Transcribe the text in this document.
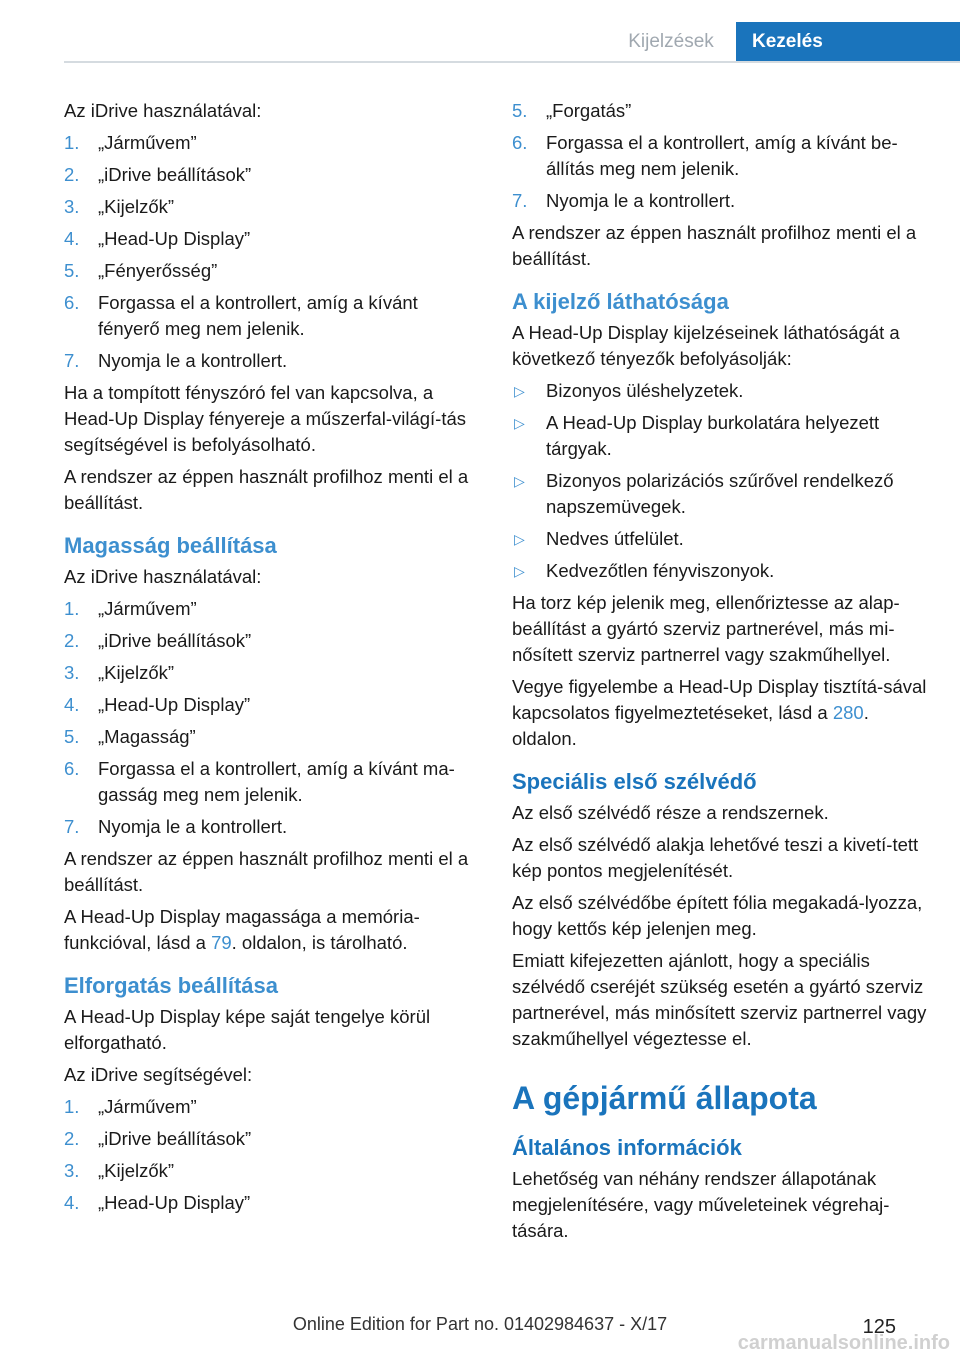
Kijelzések	Kezelés

Az iDrive használatával:

1. „Járművem”
2. „iDrive beállítások”
3. „Kijelzők”
4. „Head-Up Display”
5. „Fényerősség”
6. Forgassa el a kontrollert, amíg a kívánt fényerő meg nem jelenik.
7. Nyomja le a kontrollert.

Ha a tompított fényszóró fel van kapcsolva, a Head-Up Display fényereje a műszerfal-világí-tás segítségével is befolyásolható.

A rendszer az éppen használt profilhoz menti el a beállítást.

Magasság beállítása

Az iDrive használatával:

1. „Járművem”
2. „iDrive beállítások”
3. „Kijelzők”
4. „Head-Up Display”
5. „Magasság”
6. Forgassa el a kontrollert, amíg a kívánt ma-gasság meg nem jelenik.
7. Nyomja le a kontrollert.

A rendszer az éppen használt profilhoz menti el a beállítást.

A Head-Up Display magassága a memória-funkcióval, lásd a 79. oldalon, is tárolható.

Elforgatás beállítása

A Head-Up Display képe saját tengelye körül elforgatható.

Az iDrive segítségével:

1. „Járművem”
2. „iDrive beállítások”
3. „Kijelzők”
4. „Head-Up Display”
5. „Forgatás”
6. Forgassa el a kontrollert, amíg a kívánt be-állítás meg nem jelenik.
7. Nyomja le a kontrollert.

A rendszer az éppen használt profilhoz menti el a beállítást.

A kijelző láthatósága

A Head-Up Display kijelzéseinek láthatóságát a következő tényezők befolyásolják:

▷ Bizonyos üléshelyzetek.
▷ A Head-Up Display burkolatára helyezett tárgyak.
▷ Bizonyos polarizációs szűrővel rendelkező napszemüvegek.
▷ Nedves útfelület.
▷ Kedvezőtlen fényviszonyok.

Ha torz kép jelenik meg, ellenőriztesse az alap-beállítást a gyártó szerviz partnerével, más mi-nősített szerviz partnerrel vagy szakműhellyel.

Vegye figyelembe a Head-Up Display tisztítá-sával kapcsolatos figyelmeztetéseket, lásd a 280. oldalon.

Speciális első szélvédő

Az első szélvédő része a rendszernek.

Az első szélvédő alakja lehetővé teszi a kivetí-tett kép pontos megjelenítését.

Az első szélvédőbe épített fólia megakadá-lyozza, hogy kettős kép jelenjen meg.

Emiatt kifejezetten ajánlott, hogy a speciális szélvédő cseréjét szükség esetén a gyártó szerviz partnerével, más minősített szerviz partnerrel vagy szakműhellyel végeztesse el.

A gépjármű állapota
Általános információk

Lehetőség van néhány rendszer állapotának megjelenítésére, vagy műveleteinek végrehaj-tására.

Online Edition for Part no. 01402984637 - X/17	125
carmanualsonline.info
